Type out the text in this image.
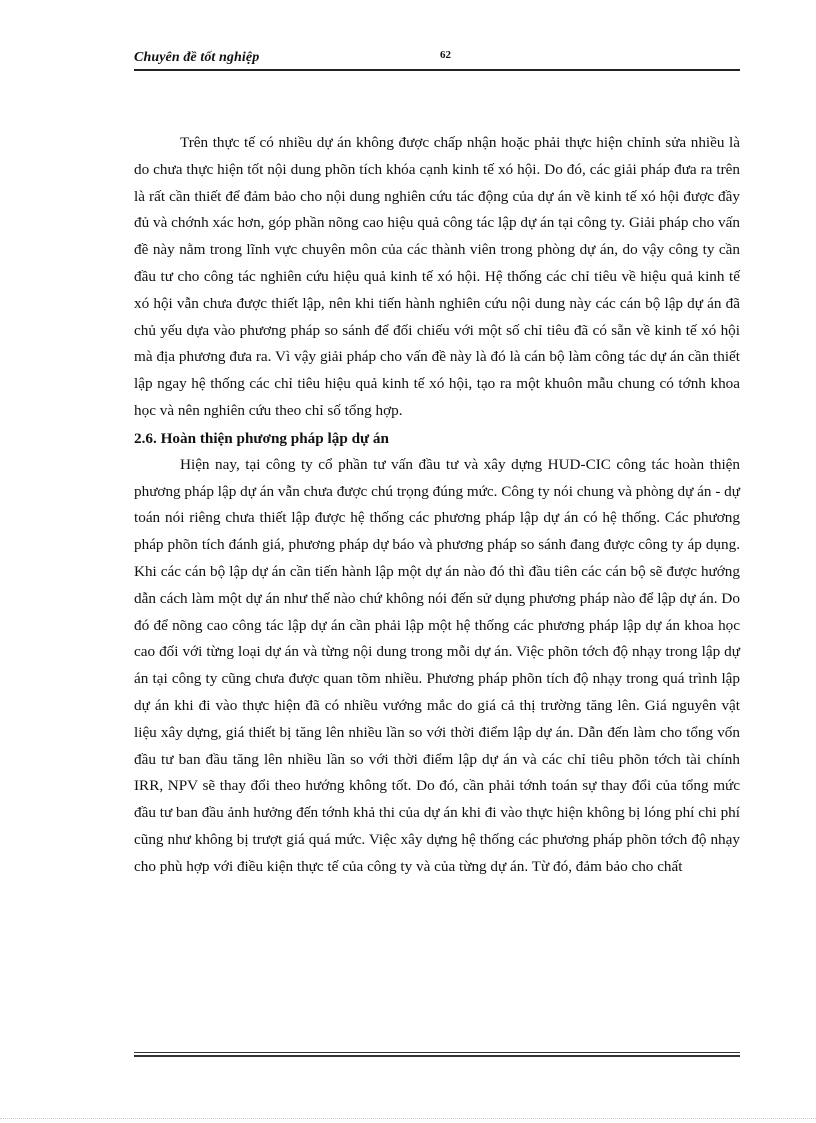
Chuyên đề tốt nghiệp	62

Trên thực tế có nhiều dự án không được chấp nhận hoặc phải thực hiện chỉnh sửa nhiều là do chưa thực hiện tốt nội dung phõn tích khóa cạnh kinh tế xó hội. Do đó, các giải pháp đưa ra trên là rất cần thiết để đảm bảo cho nội dung nghiên cứu tác động của dự án về kinh tế xó hội được đầy đủ và chớnh xác hơn, góp phần nõng cao hiệu quả công tác lập dự án tại công ty. Giải pháp cho vấn đề này nằm trong lĩnh vực chuyên môn của các thành viên trong phòng dự án, do vậy công ty cần đầu tư cho công tác nghiên cứu hiệu quả kinh tế xó hội. Hệ thống các chỉ tiêu về hiệu quả kinh tế xó hội vẫn chưa được thiết lập, nên khi tiến hành nghiên cứu nội dung này các cán bộ lập dự án đã chủ yếu dựa vào phương pháp so sánh để đối chiếu với một số chỉ tiêu đã có sẵn về kinh tế xó hội mà địa phương đưa ra. Vì vậy giải pháp cho vấn đề này là đó là cán bộ làm công tác dự án cần thiết lập ngay hệ thống các chỉ tiêu hiệu quả kinh tế xó hội, tạo ra một khuôn mẫu chung có tớnh khoa học và nên nghiên cứu theo chỉ số tổng hợp.

2.6. Hoàn thiện phương pháp lập dự án

Hiện nay, tại công ty cổ phần tư vấn đầu tư và xây dựng HUD-CIC công tác hoàn thiện phương pháp lập dự án vẫn chưa được chú trọng đúng mức. Công ty nói chung và phòng dự án - dự toán nói riêng chưa thiết lập được hệ thống các phương pháp lập dự án có hệ thống. Các phương pháp phõn tích đánh giá, phương pháp dự báo và phương pháp so sánh đang được công ty áp dụng. Khi các cán bộ lập dự án cần tiến hành lập một dự án nào đó thì đầu tiên các cán bộ sẽ được hướng dẫn cách làm một dự án như thế nào chứ không nói đến sử dụng phương pháp nào để lập dự án. Do đó để nõng cao công tác lập dự án cần phải lập một hệ thống các phương pháp lập dự án khoa học cao đối với từng loại dự án và từng nội dung trong mỗi dự án. Việc phõn tớch độ nhạy trong lập dự án tại công ty cũng chưa được quan tõm nhiều. Phương pháp phõn tích độ nhạy trong quá trình lập dự án khi đi vào thực hiện đã có nhiều vướng mắc do giá cả thị trường tăng lên. Giá nguyên vật liệu xây dựng, giá thiết bị tăng lên nhiều lần so với thời điểm lập dự án. Dẫn đến làm cho tổng vốn đầu tư ban đầu tăng lên nhiều lần so với thời điểm lập dự án và các chỉ tiêu phõn tớch tài chính IRR, NPV sẽ thay đổi theo hướng không tốt. Do đó, cần phải tớnh toán sự thay đổi của tổng mức đầu tư ban đầu ảnh hưởng đến tớnh khả thi của dự án khi đi vào thực hiện không bị lóng phí chi phí cũng như không bị trượt giá quá mức. Việc xây dựng hệ thống các phương pháp phõn tớch độ nhạy cho phù hợp với điều kiện thực tế của công ty và của từng dự án. Từ đó, đảm bảo cho chất
